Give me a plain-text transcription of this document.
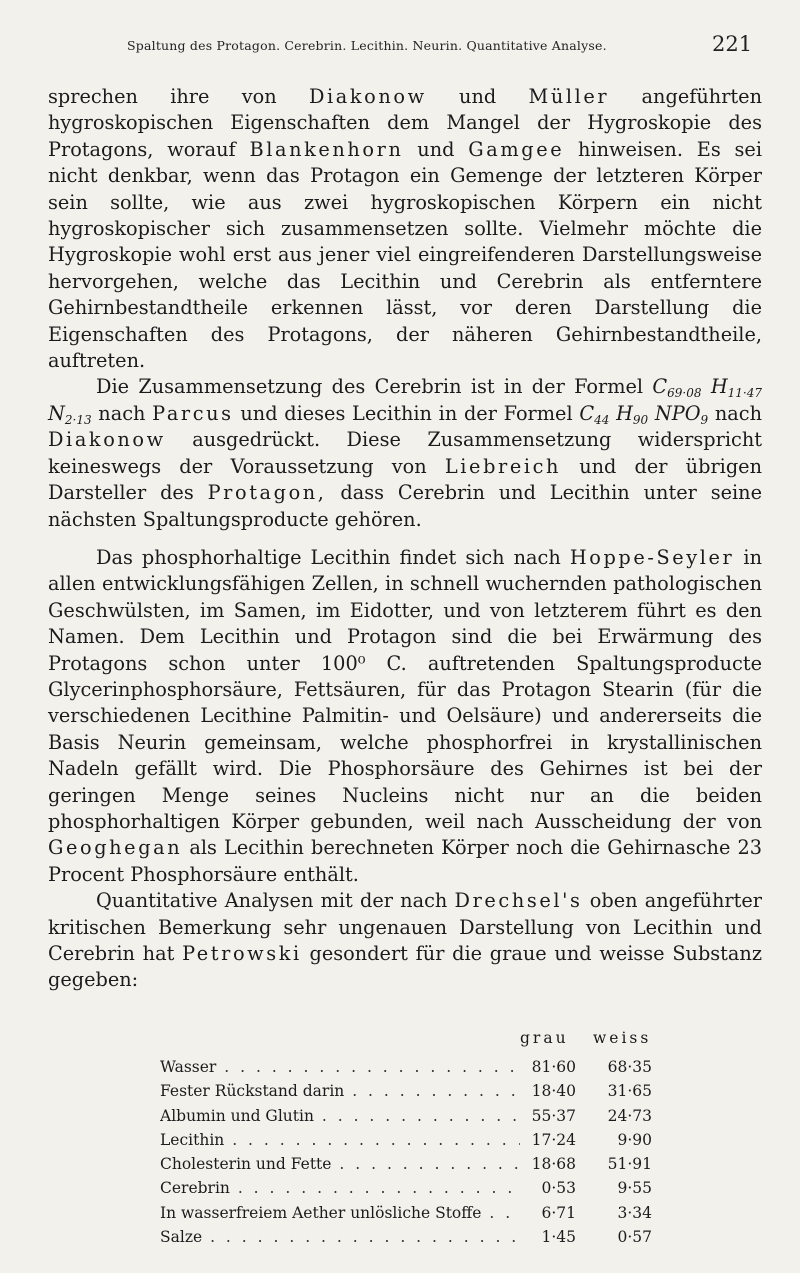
Spaltung des Protagon. Cerebrin. Lecithin. Neurin. Quantitative Analyse.	221

sprechen ihre von Diakonow und Müller angeführten hygroskopischen Eigenschaften dem Mangel der Hygroskopie des Protagons, worauf Blankenhorn und Gamgee hinweisen. Es sei nicht denkbar, wenn das Protagon ein Gemenge der letzteren Körper sein sollte, wie aus zwei hygroskopischen Körpern ein nicht hygroskopischer sich zusammensetzen sollte. Vielmehr möchte die Hygroskopie wohl erst aus jener viel eingreifenderen Darstellungsweise hervorgehen, welche das Lecithin und Cerebrin als entferntere Gehirnbestandtheile erkennen lässt, vor deren Darstellung die Eigenschaften des Protagons, der näheren Gehirnbestandtheile, auftreten.

Die Zusammensetzung des Cerebrin ist in der Formel $C_{69\cdot 08}$ $H_{11\cdot 47}$ $N_{2\cdot 13}$ nach Parcus und dieses Lecithin in der Formel $C_{44}$ $H_{90}$ $NPO_9$ nach Diakonow ausgedrückt. Diese Zusammensetzung widerspricht keineswegs der Voraussetzung von Liebreich und der übrigen Darsteller des Protagon, dass Cerebrin und Lecithin unter seine nächsten Spaltungsproducte gehören.

Das phosphorhaltige Lecithin findet sich nach Hoppe-Seyler in allen entwicklungsfähigen Zellen, in schnell wuchernden pathologischen Geschwülsten, im Samen, im Eidotter, und von letzterem führt es den Namen. Dem Lecithin und Protagon sind die bei Erwärmung des Protagons schon unter 100⁰ C. auftretenden Spaltungsproducte Glycerinphosphorsäure, Fettsäuren, für das Protagon Stearin (für die verschiedenen Lecithine Palmitin- und Oelsäure) und andererseits die Basis Neurin gemeinsam, welche phosphorfrei in krystallinischen Nadeln gefällt wird. Die Phosphorsäure des Gehirnes ist bei der geringen Menge seines Nucleins nicht nur an die beiden phosphorhaltigen Körper gebunden, weil nach Ausscheidung der von Geoghegan als Lecithin berechneten Körper noch die Gehirnasche 23 Procent Phosphorsäure enthält.

Quantitative Analysen mit der nach Drechsel's oben angeführter kritischen Bemerkung sehr ungenauen Darstellung von Lecithin und Cerebrin hat Petrowski gesondert für die graue und weisse Substanz gegeben:

grau weiss
Wasser . . .	81·60	68·35
Fester Rückstand darin . . .	18·40	31·65
Albumin und Glutin . . .	55·37	24·73
Lecithin . . .	17·24	9·90
Cholesterin und Fette . . .	18·68	51·91
Cerebrin . . .	0·53	9·55
In wasserfreiem Aether unlösliche Stoffe . . .	6·71	3·34
Salze . . .	1·45	0·57
